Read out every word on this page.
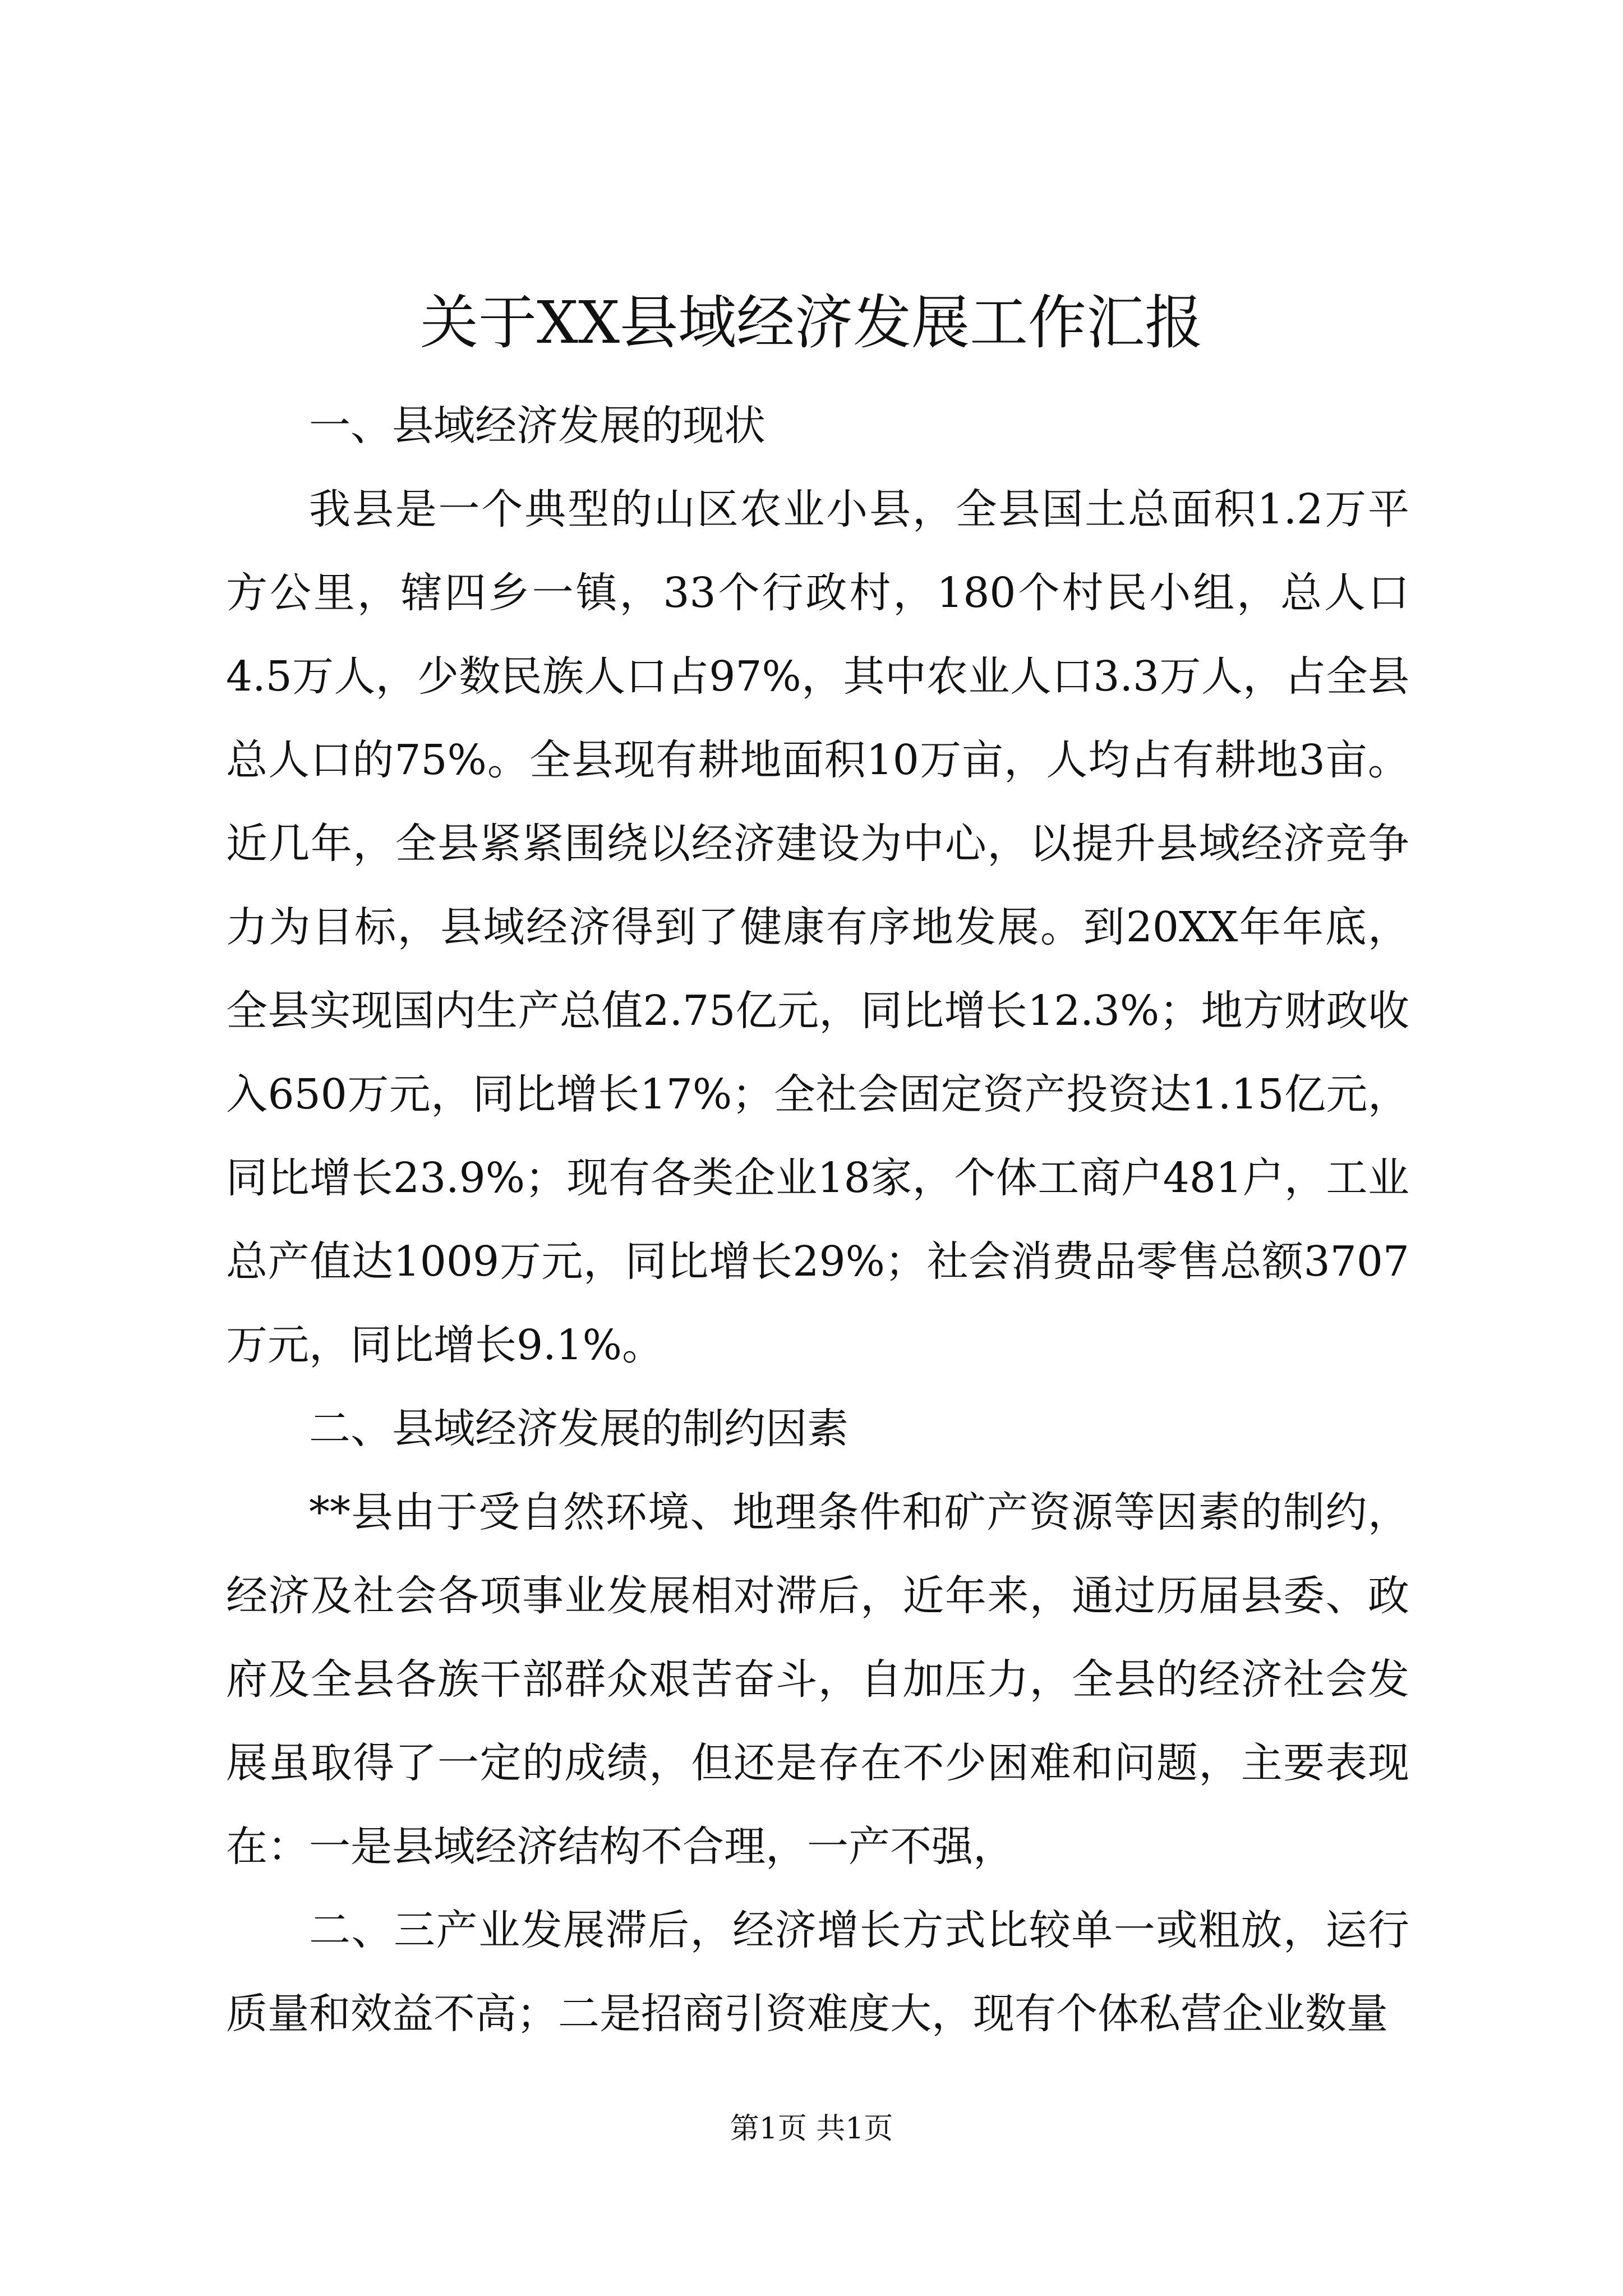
关于XX县域经济发展工作汇报

一、县域经济发展的现状

我县是一个典型的山区农业小县，全县国土总面积1.2万平方公里，辖四乡一镇，33个行政村，180个村民小组，总人口4.5万人，少数民族人口占97%，其中农业人口3.3万人，占全县总人口的75%。全县现有耕地面积10万亩，人均占有耕地3亩。近几年，全县紧紧围绕以经济建设为中心，以提升县域经济竞争力为目标，县域经济得到了健康有序地发展。到20XX年年底，全县实现国内生产总值2.75亿元，同比增长12.3%；地方财政收入650万元，同比增长17%；全社会固定资产投资达1.15亿元，同比增长23.9%；现有各类企业18家，个体工商户481户，工业总产值达1009万元，同比增长29%；社会消费品零售总额3707万元，同比增长9.1%。

二、县域经济发展的制约因素

**县由于受自然环境、地理条件和矿产资源等因素的制约，经济及社会各项事业发展相对滞后，近年来，通过历届县委、政府及全县各族干部群众艰苦奋斗，自加压力，全县的经济社会发展虽取得了一定的成绩，但还是存在不少困难和问题，主要表现在：一是县域经济结构不合理，一产不强，

二、三产业发展滞后，经济增长方式比较单一或粗放，运行质量和效益不高；二是招商引资难度大，现有个体私营企业数量

第1页 共1页
